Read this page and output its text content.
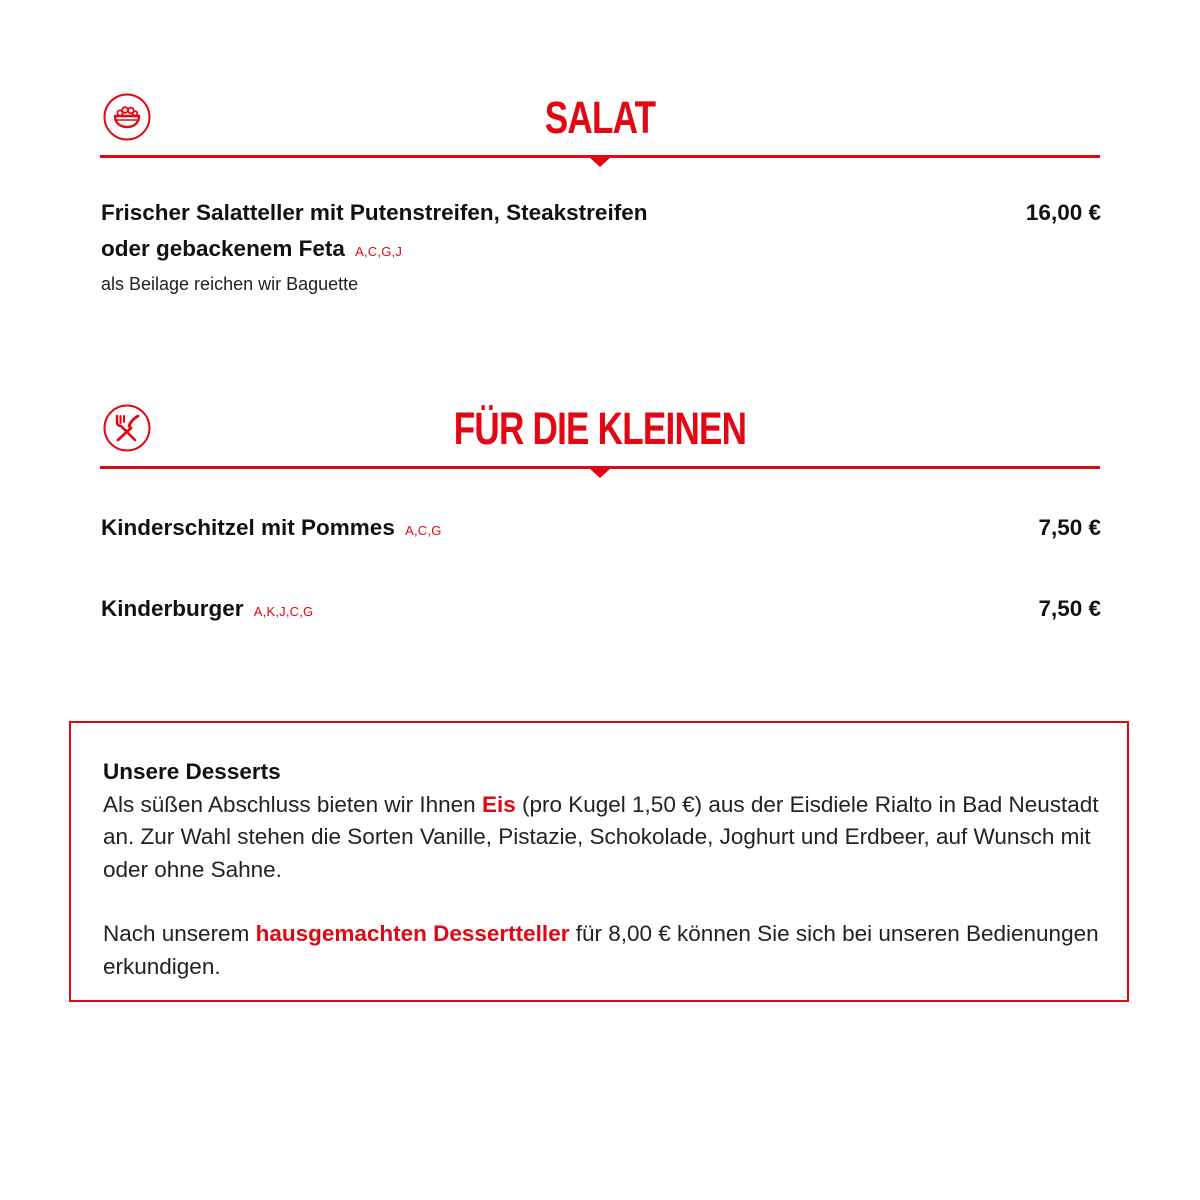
SALAT
Frischer Salatteller mit Putenstreifen, Steakstreifen
oder gebackenem Feta A,C,G,J
als Beilage reichen wir Baguette
16,00 €
FÜR DIE KLEINEN
Kinderschitzel mit Pommes A,C,G	7,50 €
Kinderburger A,K,J,C,G	7,50 €
Unsere Desserts
Als süßen Abschluss bieten wir Ihnen Eis (pro Kugel 1,50 €) aus der Eisdiele Rialto in Bad Neustadt an. Zur Wahl stehen die Sorten Vanille, Pistazie, Schokolade, Joghurt und Erdbeer, auf Wunsch mit oder ohne Sahne.
Nach unserem hausgemachten Dessertteller für 8,00 € können Sie sich bei unseren Bedienungen erkundigen.
